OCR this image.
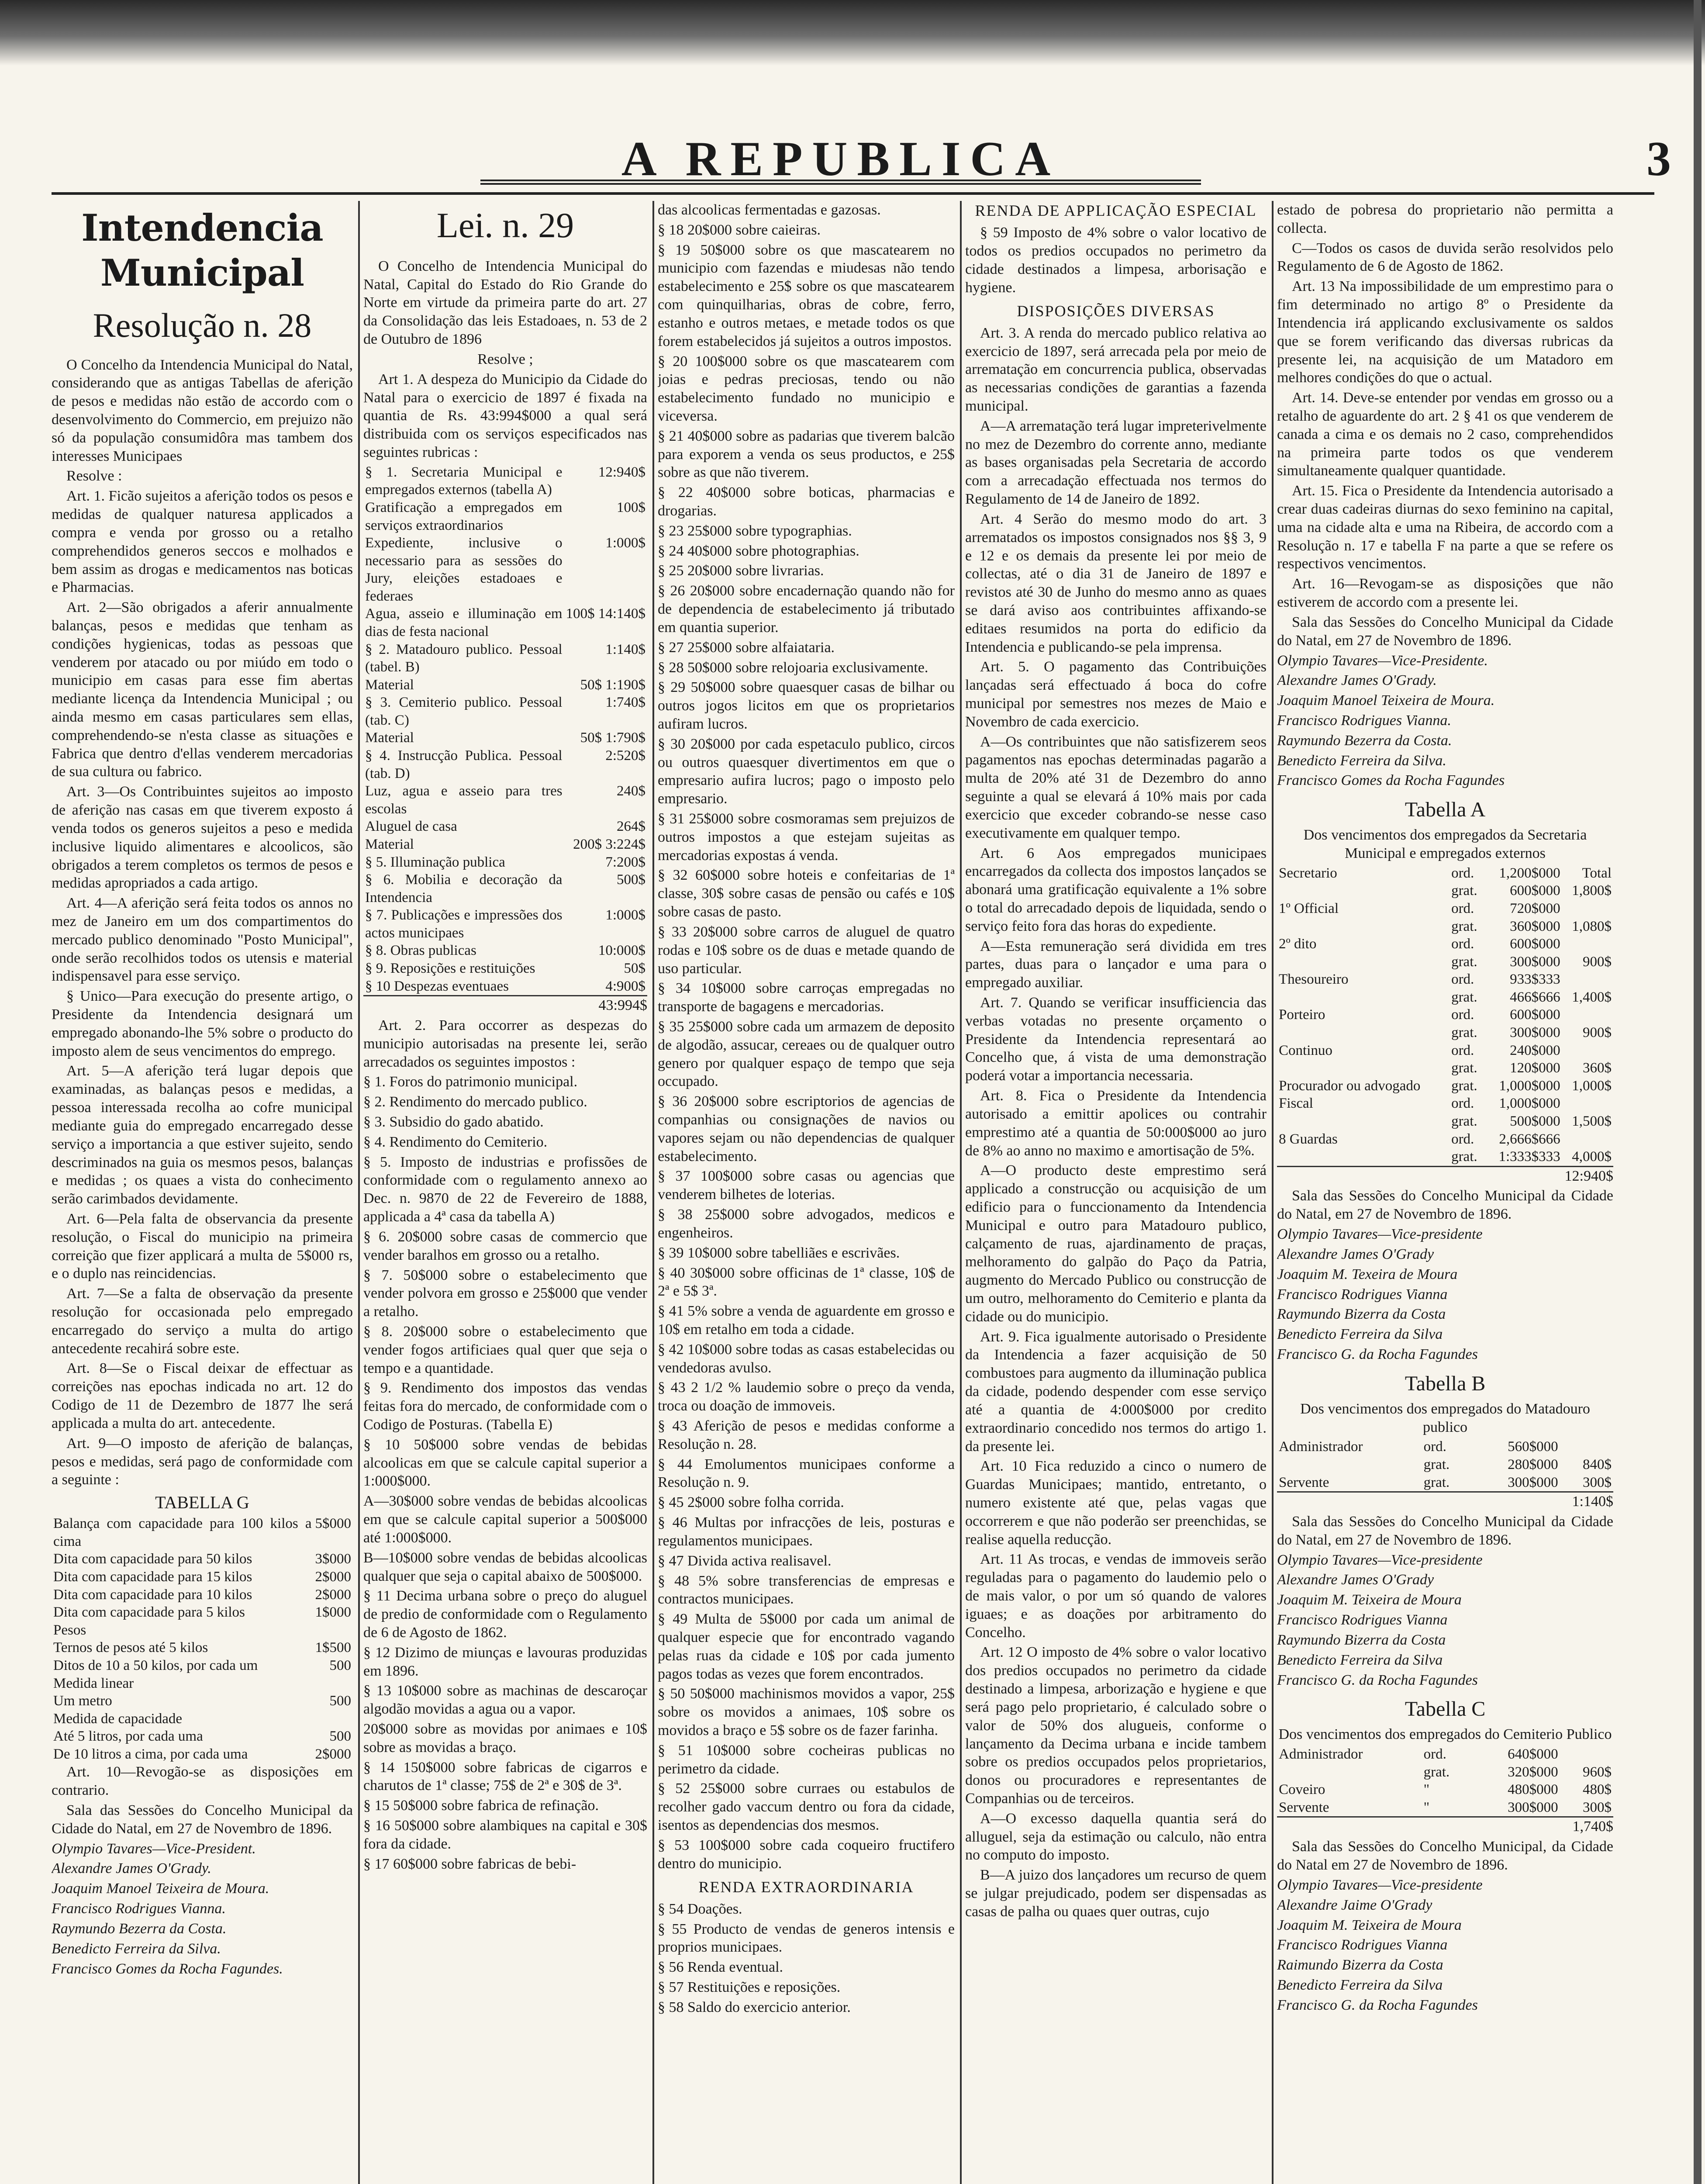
A REPUBLICA	3
Intendencia Municipal
Resolução n. 28

O Concelho da Intendencia Municipal do Natal, considerando que as antigas Tabellas de aferição de pesos e medidas não estão de accordo com o desenvolvimento do Commercio, em prejuizo não só da população consumidôra mas tambem dos interesses Municipaes

Resolve :

Art. 1. Ficão sujeitos a aferição todos os pesos e medidas de qualquer naturesa applicados a compra e venda por grosso ou a retalho comprehendidos generos seccos e molhados e bem assim as drogas e medicamentos nas boticas e Pharmacias.

Art. 2—São obrigados a aferir annualmente balanças, pesos e medidas que tenham as condições hygienicas, todas as pessoas que venderem por atacado ou por miúdo em todo o municipio em casas para esse fim abertas mediante licença da Intendencia Municipal ; ou ainda mesmo em casas particulares sem ellas, comprehendendo-se n'esta classe as situações e Fabrica que dentro d'ellas venderem mercadorias de sua cultura ou fabrico.

Art. 3—Os Contribuintes sujeitos ao imposto de aferição nas casas em que tiverem exposto á venda todos os generos sujeitos a peso e medida inclusive liquido alimentares e alcoolicos, são obrigados a terem completos os termos de pesos e medidas apropriados a cada artigo.

Art. 4—A aferição será feita todos os annos no mez de Janeiro em um dos compartimentos do mercado publico denominado "Posto Municipal", onde serão recolhidos todos os utensis e material indispensavel para esse serviço.

§ Unico—Para execução do presente artigo, o Presidente da Intendencia designará um empregado abonando-lhe 5% sobre o producto do imposto alem de seus vencimentos do emprego.

Art. 5—A aferição terá lugar depois que examinadas, as balanças pesos e medidas, a pessoa interessada recolha ao cofre municipal mediante guia do empregado encarregado desse serviço a importancia a que estiver sujeito, sendo descriminados na guia os mesmos pesos, balanças e medidas ; os quaes a vista do conhecimento serão carimbados devidamente.

Art. 6—Pela falta de observancia da presente resolução, o Fiscal do municipio na primeira correição que fizer applicará a multa de 5$000 rs, e o duplo nas reincidencias.

Art. 7—Se a falta de observação da presente resolução for occasionada pelo empregado encarregado do serviço a multa do artigo antecedente recahirá sobre este.

Art. 8—Se o Fiscal deixar de effectuar as correições nas epochas indicada no art. 12 do Codigo de 11 de Dezembro de 1877 lhe será applicada a multa do art. antecedente.

Art. 9—O imposto de aferição de balanças, pesos e medidas, será pago de conformidade com a seguinte :

TABELLA G

Balança com capacidade para 100 kilos a cima	5$000
Dita com capacidade para 50 kilos	3$000
Dita com capacidade para 15 kilos	2$000
Dita com capacidade para 10 kilos	2$000
Dita com capacidade para 5 kilos	1$000
Pesos	
Ternos de pesos até 5 kilos	1$500
Ditos de 10 a 50 kilos, por cada um	500
Medida linear	
Um metro	500
Medida de capacidade	
Até 5 litros, por cada uma	500
De 10 litros a cima, por cada uma	2$000

Art. 10—Revogão-se as disposições em contrario.

Sala das Sessões do Concelho Municipal da Cidade do Natal, em 27 de Novembro de 1896.

Olympio Tavares—Vice-President.

Alexandre James O'Grady.

Joaquim Manoel Teixeira de Moura.

Francisco Rodrigues Vianna.

Raymundo Bezerra da Costa.

Benedicto Ferreira da Silva.

Francisco Gomes da Rocha Fagundes.

Lei. n. 29

O Concelho de Intendencia Municipal do Natal, Capital do Estado do Rio Grande do Norte em virtude da primeira parte do art. 27 da Consolidação das leis Estadoaes, n. 53 de 2 de Outubro de 1896

Resolve ;

Art 1. A despeza do Municipio da Cidade do Natal para o exercicio de 1897 é fixada na quantia de Rs. 43:994$000 a qual será distribuida com os serviços especificados nas seguintes rubricas :

§ 1. Secretaria Municipal e empregados externos (tabella A)	12:940$
Gratificação a empregados em serviços extraordinarios	100$
Expediente, inclusive o necessario para as sessões do Jury, eleições estadoaes e federaes	1:000$
Agua, asseio e illuminação em dias de festa nacional	100$ 14:140$
§ 2. Matadouro publico. Pessoal (tabel. B)	1:140$
Material	50$ 1:190$
§ 3. Cemiterio publico. Pessoal (tab. C)	1:740$
Material	50$ 1:790$
§ 4. Instrucção Publica. Pessoal (tab. D)	2:520$
Luz, agua e asseio para tres escolas	240$
Aluguel de casa	264$
Material	200$ 3:224$
§ 5. Illuminação publica	7:200$
§ 6. Mobilia e decoração da Intendencia	500$
§ 7. Publicações e impressões dos actos municipaes	1:000$
§ 8. Obras publicas	10:000$
§ 9. Reposições e restituições	50$
§ 10 Despezas eventuaes	4:900$

43:994$

Art. 2. Para occorrer as despezas do municipio autorisadas na presente lei, serão arrecadados os seguintes impostos :

§ 1. Foros do patrimonio municipal.

§ 2. Rendimento do mercado publico.

§ 3. Subsidio do gado abatido.

§ 4. Rendimento do Cemiterio.

§ 5. Imposto de industrias e profissões de conformidade com o regulamento annexo ao Dec. n. 9870 de 22 de Fevereiro de 1888, applicada a 4ª casa da tabella A)

§ 6. 20$000 sobre casas de commercio que vender baralhos em grosso ou a retalho.

§ 7. 50$000 sobre o estabelecimento que vender polvora em grosso e 25$000 que vender a retalho.

§ 8. 20$000 sobre o estabelecimento que vender fogos artificiaes qual quer que seja o tempo e a quantidade.

§ 9. Rendimento dos impostos das vendas feitas fora do mercado, de conformidade com o Codigo de Posturas. (Tabella E)

§ 10 50$000 sobre vendas de bebidas alcoolicas em que se calcule capital superior a 1:000$000.

A—30$000 sobre vendas de bebidas alcoolicas em que se calcule capital superior a 500$000 até 1:000$000.

B—10$000 sobre vendas de bebidas alcoolicas qualquer que seja o capital abaixo de 500$000.

§ 11 Decima urbana sobre o preço do aluguel de predio de conformidade com o Regulamento de 6 de Agosto de 1862.

§ 12 Dizimo de miunças e lavouras produzidas em 1896.

§ 13 10$000 sobre as machinas de descaroçar algodão movidas a agua ou a vapor.

20$000 sobre as movidas por animaes e 10$ sobre as movidas a braço.

§ 14 150$000 sobre fabricas de cigarros e charutos de 1ª classe; 75$ de 2ª e 30$ de 3ª.

§ 15 50$000 sobre fabrica de refinação.

§ 16 50$000 sobre alambiques na capital e 30$ fora da cidade.

§ 17 60$000 sobre fabricas de bebi-

das alcoolicas fermentadas e gazosas.

§ 18 20$000 sobre caieiras.

§ 19 50$000 sobre os que mascatearem no municipio com fazendas e miudesas não tendo estabelecimento e 25$ sobre os que mascatearem com quinquilharias, obras de cobre, ferro, estanho e outros metaes, e metade todos os que forem estabelecidos já sujeitos a outros impostos.

§ 20 100$000 sobre os que mascatearem com joias e pedras preciosas, tendo ou não estabelecimento fundado no municipio e viceversa.

§ 21 40$000 sobre as padarias que tiverem balcão para exporem a venda os seus productos, e 25$ sobre as que não tiverem.

§ 22 40$000 sobre boticas, pharmacias e drogarias.

§ 23 25$000 sobre typographias.

§ 24 40$000 sobre photographias.

§ 25 20$000 sobre livrarias.

§ 26 20$000 sobre encadernação quando não for de dependencia de estabelecimento já tributado em quantia superior.

§ 27 25$000 sobre alfaiataria.

§ 28 50$000 sobre relojoaria exclusivamente.

§ 29 50$000 sobre quaesquer casas de bilhar ou outros jogos licitos em que os proprietarios aufiram lucros.

§ 30 20$000 por cada espetaculo publico, circos ou outros quaesquer divertimentos em que o empresario aufira lucros; pago o imposto pelo empresario.

§ 31 25$000 sobre cosmoramas sem prejuizos de outros impostos a que estejam sujeitas as mercadorias expostas á venda.

§ 32 60$000 sobre hoteis e confeitarias de 1ª classe, 30$ sobre casas de pensão ou cafés e 10$ sobre casas de pasto.

§ 33 20$000 sobre carros de aluguel de quatro rodas e 10$ sobre os de duas e metade quando de uso particular.

§ 34 10$000 sobre carroças empregadas no transporte de bagagens e mercadorias.

§ 35 25$000 sobre cada um armazem de deposito de algodão, assucar, cereaes ou de qualquer outro genero por qualquer espaço de tempo que seja occupado.

§ 36 20$000 sobre escriptorios de agencias de companhias ou consignações de navios ou vapores sejam ou não dependencias de qualquer estabelecimento.

§ 37 100$000 sobre casas ou agencias que venderem bilhetes de loterias.

§ 38 25$000 sobre advogados, medicos e engenheiros.

§ 39 10$000 sobre tabelliães e escrivães.

§ 40 30$000 sobre officinas de 1ª classe, 10$ de 2ª e 5$ 3ª.

§ 41 5% sobre a venda de aguardente em grosso e 10$ em retalho em toda a cidade.

§ 42 10$000 sobre todas as casas estabelecidas ou vendedoras avulso.

§ 43 2 1/2 % laudemio sobre o preço da venda, troca ou doação de immoveis.

§ 43 Aferição de pesos e medidas conforme a Resolução n. 28.

§ 44 Emolumentos municipaes conforme a Resolução n. 9.

§ 45 2$000 sobre folha corrida.

§ 46 Multas por infracções de leis, posturas e regulamentos municipaes.

§ 47 Divida activa realisavel.

§ 48 5% sobre transferencias de empresas e contractos municipaes.

§ 49 Multa de 5$000 por cada um animal de qualquer especie que for encontrado vagando pelas ruas da cidade e 10$ por cada jumento pagos todas as vezes que forem encontrados.

§ 50 50$000 machinismos movidos a vapor, 25$ sobre os movidos a animaes, 10$ sobre os movidos a braço e 5$ sobre os de fazer farinha.

§ 51 10$000 sobre cocheiras publicas no perimetro da cidade.

§ 52 25$000 sobre curraes ou estabulos de recolher gado vaccum dentro ou fora da cidade, isentos as dependencias dos mesmos.

§ 53 100$000 sobre cada coqueiro fructifero dentro do municipio.

RENDA EXTRAORDINARIA

§ 54 Doações.

§ 55 Producto de vendas de generos intensis e proprios municipaes.

§ 56 Renda eventual.

§ 57 Restituições e reposições.

§ 58 Saldo do exercicio anterior.

RENDA DE APPLICAÇÃO ESPECIAL

§ 59 Imposto de 4% sobre o valor locativo de todos os predios occupados no perimetro da cidade destinados a limpesa, arborisação e hygiene.

DISPOSIÇÕES DIVERSAS

Art. 3. A renda do mercado publico relativa ao exercicio de 1897, será arrecada pela por meio de arrematação em concurrencia publica, observadas as necessarias condições de garantias a fazenda municipal.

A—A arrematação terá lugar impreterivelmente no mez de Dezembro do corrente anno, mediante as bases organisadas pela Secretaria de accordo com a arrecadação effectuada nos termos do Regulamento de 14 de Janeiro de 1892.

Art. 4 Serão do mesmo modo do art. 3 arrematados os impostos consignados nos §§ 3, 9 e 12 e os demais da presente lei por meio de collectas, até o dia 31 de Janeiro de 1897 e revistos até 30 de Junho do mesmo anno as quaes se dará aviso aos contribuintes affixando-se editaes resumidos na porta do edificio da Intendencia e publicando-se pela imprensa.

Art. 5. O pagamento das Contribuições lançadas será effectuado á boca do cofre municipal por semestres nos mezes de Maio e Novembro de cada exercicio.

A—Os contribuintes que não satisfizerem seos pagamentos nas epochas determinadas pagarão a multa de 20% até 31 de Dezembro do anno seguinte a qual se elevará á 10% mais por cada exercicio que exceder cobrando-se nesse caso executivamente em qualquer tempo.

Art. 6 Aos empregados municipaes encarregados da collecta dos impostos lançados se abonará uma gratificação equivalente a 1% sobre o total do arrecadado depois de liquidada, sendo o serviço feito fora das horas do expediente.

A—Esta remuneração será dividida em tres partes, duas para o lançador e uma para o empregado auxiliar.

Art. 7. Quando se verificar insufficiencia das verbas votadas no presente orçamento o Presidente da Intendencia representará ao Concelho que, á vista de uma demonstração poderá votar a importancia necessaria.

Art. 8. Fica o Presidente da Intendencia autorisado a emittir apolices ou contrahir emprestimo até a quantia de 50:000$000 ao juro de 8% ao anno no maximo e amortisação de 5%.

A—O producto deste emprestimo será applicado a construcção ou acquisição de um edificio para o funccionamento da Intendencia Municipal e outro para Matadouro publico, calçamento de ruas, ajardinamento de praças, melhoramento do galpão do Paço da Patria, augmento do Mercado Publico ou construcção de um outro, melhoramento do Cemiterio e planta da cidade ou do municipio.

Art. 9. Fica igualmente autorisado o Presidente da Intendencia a fazer acquisição de 50 combustoes para augmento da illuminação publica da cidade, podendo despender com esse serviço até a quantia de 4:000$000 por credito extraordinario concedido nos termos do artigo 1. da presente lei.

Art. 10 Fica reduzido a cinco o numero de Guardas Municipaes; mantido, entretanto, o numero existente até que, pelas vagas que occorrerem e que não poderão ser preenchidas, se realise aquella reducção.

Art. 11 As trocas, e vendas de immoveis serão reguladas para o pagamento do laudemio pelo o de mais valor, o por um só quando de valores iguaes; e as doações por arbitramento do Concelho.

Art. 12 O imposto de 4% sobre o valor locativo dos predios occupados no perimetro da cidade destinado a limpesa, arborização e hygiene e que será pago pelo proprietario, é calculado sobre o valor de 50% dos alugueis, conforme o lançamento da Decima urbana e incide tambem sobre os predios occupados pelos proprietarios, donos ou procuradores e representantes de Companhias ou de terceiros.

A—O excesso daquella quantia será do alluguel, seja da estimação ou calculo, não entra no computo do imposto.

B—A juizo dos lançadores um recurso de quem se julgar prejudicado, podem ser dispensadas as casas de palha ou quaes quer outras, cujo

estado de pobresa do proprietario não permitta a collecta.

C—Todos os casos de duvida serão resolvidos pelo Regulamento de 6 de Agosto de 1862.

Art. 13 Na impossibilidade de um emprestimo para o fim determinado no artigo 8º o Presidente da Intendencia irá applicando exclusivamente os saldos que se forem verificando das diversas rubricas da presente lei, na acquisição de um Matadoro em melhores condições do que o actual.

Art. 14. Deve-se entender por vendas em grosso ou a retalho de aguardente do art. 2 § 41 os que venderem de canada a cima e os demais no 2 caso, comprehendidos na primeira parte todos os que venderem simultaneamente qualquer quantidade.

Art. 15. Fica o Presidente da Intendencia autorisado a crear duas cadeiras diurnas do sexo feminino na capital, uma na cidade alta e uma na Ribeira, de accordo com a Resolução n. 17 e tabella F na parte a que se refere os respectivos vencimentos.

Art. 16—Revogam-se as disposições que não estiverem de accordo com a presente lei.

Sala das Sessões do Concelho Municipal da Cidade do Natal, em 27 de Novembro de 1896.

Olympio Tavares—Vice-Presidente.

Alexandre James O'Grady.

Joaquim Manoel Teixeira de Moura.

Francisco Rodrigues Vianna.

Raymundo Bezerra da Costa.

Benedicto Ferreira da Silva.

Francisco Gomes da Rocha Fagundes

Tabella A

Dos vencimentos dos empregados da Secretaria Municipal e empregados externos

Secretario	ord.	1,200$000	Total
	grat.	600$000	1,800$
1º Official	ord.	720$000	
	grat.	360$000	1,080$
2º dito	ord.	600$000	
	grat.	300$000	900$
Thesoureiro	ord.	933$333	
	grat.	466$666	1,400$
Porteiro	ord.	600$000	
	grat.	300$000	900$
Continuo	ord.	240$000	
	grat.	120$000	360$
Procurador ou advogado	grat.	1,000$000	1,000$
Fiscal	ord.	1,000$000	
	grat.	500$000	1,500$
8 Guardas	ord.	2,666$666	
	grat.	1:333$333	4,000$

12:940$

Sala das Sessões do Concelho Municipal da Cidade do Natal, em 27 de Novembro de 1896.

Olympio Tavares—Vice-presidente

Alexandre James O'Grady

Joaquim M. Texeira de Moura

Francisco Rodrigues Vianna

Raymundo Bizerra da Costa

Benedicto Ferreira da Silva

Francisco G. da Rocha Fagundes

Tabella B

Dos vencimentos dos empregados do Matadouro publico

Administrador	ord.	560$000	
	grat.	280$000	840$
Servente	grat.	300$000	300$

1:140$

Sala das Sessões do Concelho Municipal da Cidade do Natal, em 27 de Novembro de 1896.

Olympio Tavares—Vice-presidente

Alexandre James O'Grady

Joaquim M. Teixeira de Moura

Francisco Rodrigues Vianna

Raymundo Bizerra da Costa

Benedicto Ferreira da Silva

Francisco G. da Rocha Fagundes

Tabella C

Dos vencimentos dos empregados do Cemiterio Publico

Administrador	ord.	640$000	
	grat.	320$000	960$
Coveiro	"	480$000	480$
Servente	"	300$000	300$

1,740$

Sala das Sessões do Concelho Municipal, da Cidade do Natal em 27 de Novembro de 1896.

Olympio Tavares—Vice-presidente

Alexandre Jaime O'Grady

Joaquim M. Teixeira de Moura

Francisco Rodrigues Vianna

Raimundo Bizerra da Costa

Benedicto Ferreira da Silva

Francisco G. da Rocha Fagundes
